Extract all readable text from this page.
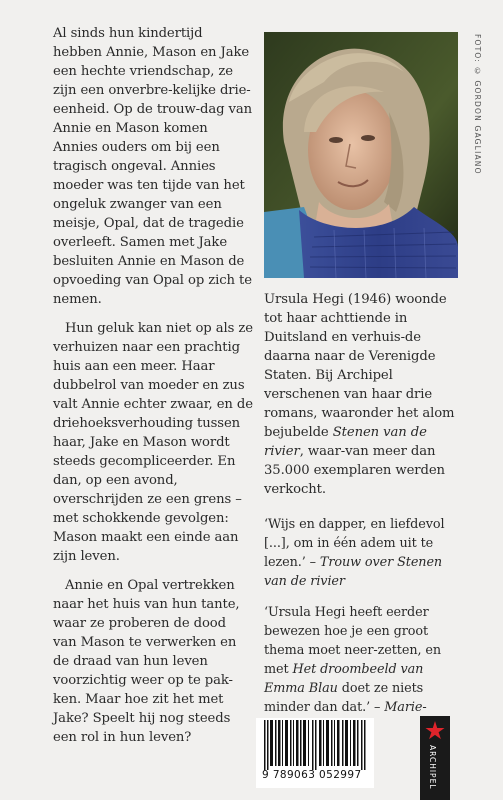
Al sinds hun kindertijd hebben Annie, Mason en Jake een hechte vriendschap, ze zijn een onverbre-kelijke drie-eenheid. Op de trouw-dag van Annie en Mason komen Annies ouders om bij een tragisch ongeval. Annies moeder was ten tijde van het ongeluk zwanger van een meisje, Opal, dat de tragedie overleeft. Samen met Jake besluiten Annie en Mason de opvoeding van Opal op zich te nemen.

Hun geluk kan niet op als ze verhuizen naar een prachtig huis aan een meer. Haar dubbelrol van moeder en zus valt Annie echter zwaar, en de driehoeksverhouding tussen haar, Jake en Mason wordt steeds gecompliceerder. En dan, op een avond, overschrijden ze een grens – met schokkende gevolgen: Mason maakt een einde aan zijn leven.

Annie en Opal vertrekken naar het huis van hun tante, waar ze proberen de dood van Mason te verwerken en de draad van hun leven voorzichtig weer op te pak-ken. Maar hoe zit het met Jake? Speelt hij nog steeds een rol in hun leven?

FOTO: © GORDON GAGLIANO

Ursula Hegi (1946) woonde tot haar achttiende in Duitsland en verhuis-de daarna naar de Verenigde Staten. Bij Archipel verschenen van haar drie romans, waaronder het alom bejubelde Stenen van de rivier, waar-van meer dan 35.000 exemplaren werden verkocht.

‘Wijs en dapper, en liefdevol [...], om in één adem uit te lezen.’ – Trouw over Stenen van de rivier

‘Ursula Hegi heeft eerder bewezen hoe je een groot thema moet neer-zetten, en met Het droombeeld van Emma Blau doet ze niets minder dan dat.’ – Marie-

9 789063 052997	ARCHIPEL
